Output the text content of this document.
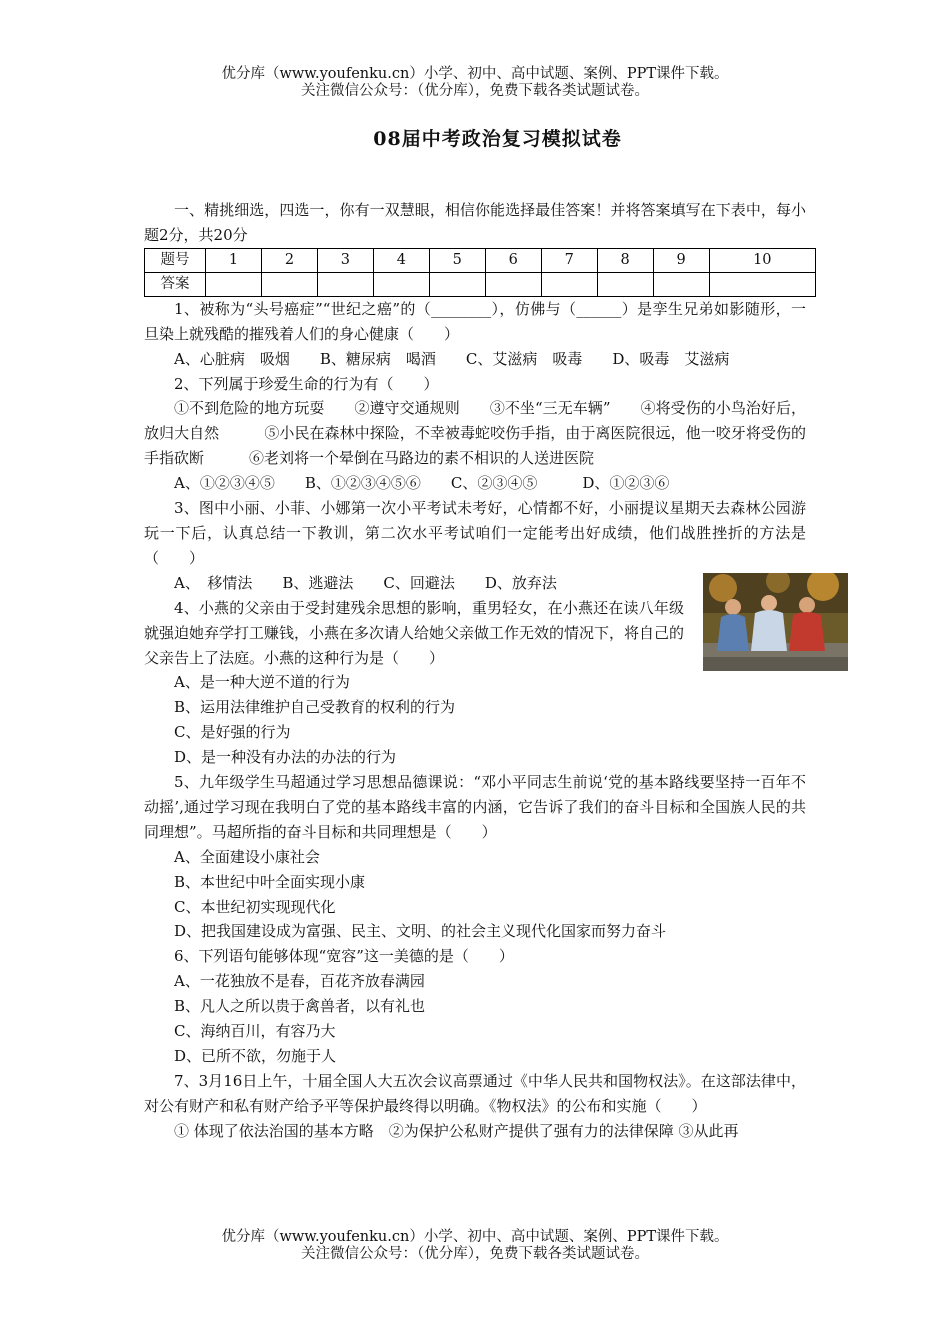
优分库（www.youfenku.cn）小学、初中、高中试题、案例、PPT课件下载。
关注微信公众号：（优分库），免费下载各类试题试卷。
08届中考政治复习模拟试卷
一、精挑细选，四选一，你有一双慧眼，相信你能选择最佳答案！并将答案填写在下表中，每小题2分，共20分
题号	1	2	3	4	5	6	7	8	9	10
答案										
1、被称为“头号癌症”“世纪之癌”的（________），仿佛与（______）是孪生兄弟如影随形，一旦染上就残酷的摧残着人们的身心健康（　　）
A、心脏病　吸烟　　B、糖尿病　喝酒　　C、艾滋病　吸毒　　D、吸毒　艾滋病
2、下列属于珍爱生命的行为有（　　）
①不到危险的地方玩耍　　②遵守交通规则　　③不坐“三无车辆”　　④将受伤的小鸟治好后，放归大自然　　　⑤小民在森林中探险，不幸被毒蛇咬伤手指，由于离医院很远，他一咬牙将受伤的手指砍断　　　⑥老刘将一个晕倒在马路边的素不相识的人送进医院
A、①②③④⑤　　B、①②③④⑤⑥　　C、②③④⑤　　　D、①②③⑥
3、图中小丽、小菲、小娜第一次小平考试未考好，心情都不好，小丽提议星期天去森林公园游玩一下后，认真总结一下教训，第二次水平考试咱们一定能考出好成绩，他们战胜挫折的方法是（　　）
A、　移情法　　B、逃避法　　C、回避法　　D、放弃法
4、小燕的父亲由于受封建残余思想的影响，重男轻女，在小燕还在读八年级就强迫她弃学打工赚钱，小燕在多次请人给她父亲做工作无效的情况下，将自己的父亲告上了法庭。小燕的这种行为是（　　）
A、是一种大逆不道的行为
B、运用法律维护自己受教育的权利的行为
C、是好强的行为
D、是一种没有办法的办法的行为
5、九年级学生马超通过学习思想品德课说：“邓小平同志生前说‘党的基本路线要坚持一百年不动摇’,通过学习现在我明白了党的基本路线丰富的内涵，它告诉了我们的奋斗目标和全国族人民的共同理想”。马超所指的奋斗目标和共同理想是（　　）
A、全面建设小康社会
B、本世纪中叶全面实现小康
C、本世纪初实现现代化
D、把我国建设成为富强、民主、文明、的社会主义现代化国家而努力奋斗
6、下列语句能够体现“宽容”这一美德的是（　　）
A、一花独放不是春，百花齐放春满园
B、凡人之所以贵于禽兽者，以有礼也
C、海纳百川，有容乃大
D、已所不欲，勿施于人
7、3月16日上午，十届全国人大五次会议高票通过《中华人民共和国物权法》。在这部法律中，对公有财产和私有财产给予平等保护最终得以明确。《物权法》的公布和实施（　　）
① 体现了依法治国的基本方略　②为保护公私财产提供了强有力的法律保障 ③从此再
优分库（www.youfenku.cn）小学、初中、高中试题、案例、PPT课件下载。
关注微信公众号：（优分库），免费下载各类试题试卷。
